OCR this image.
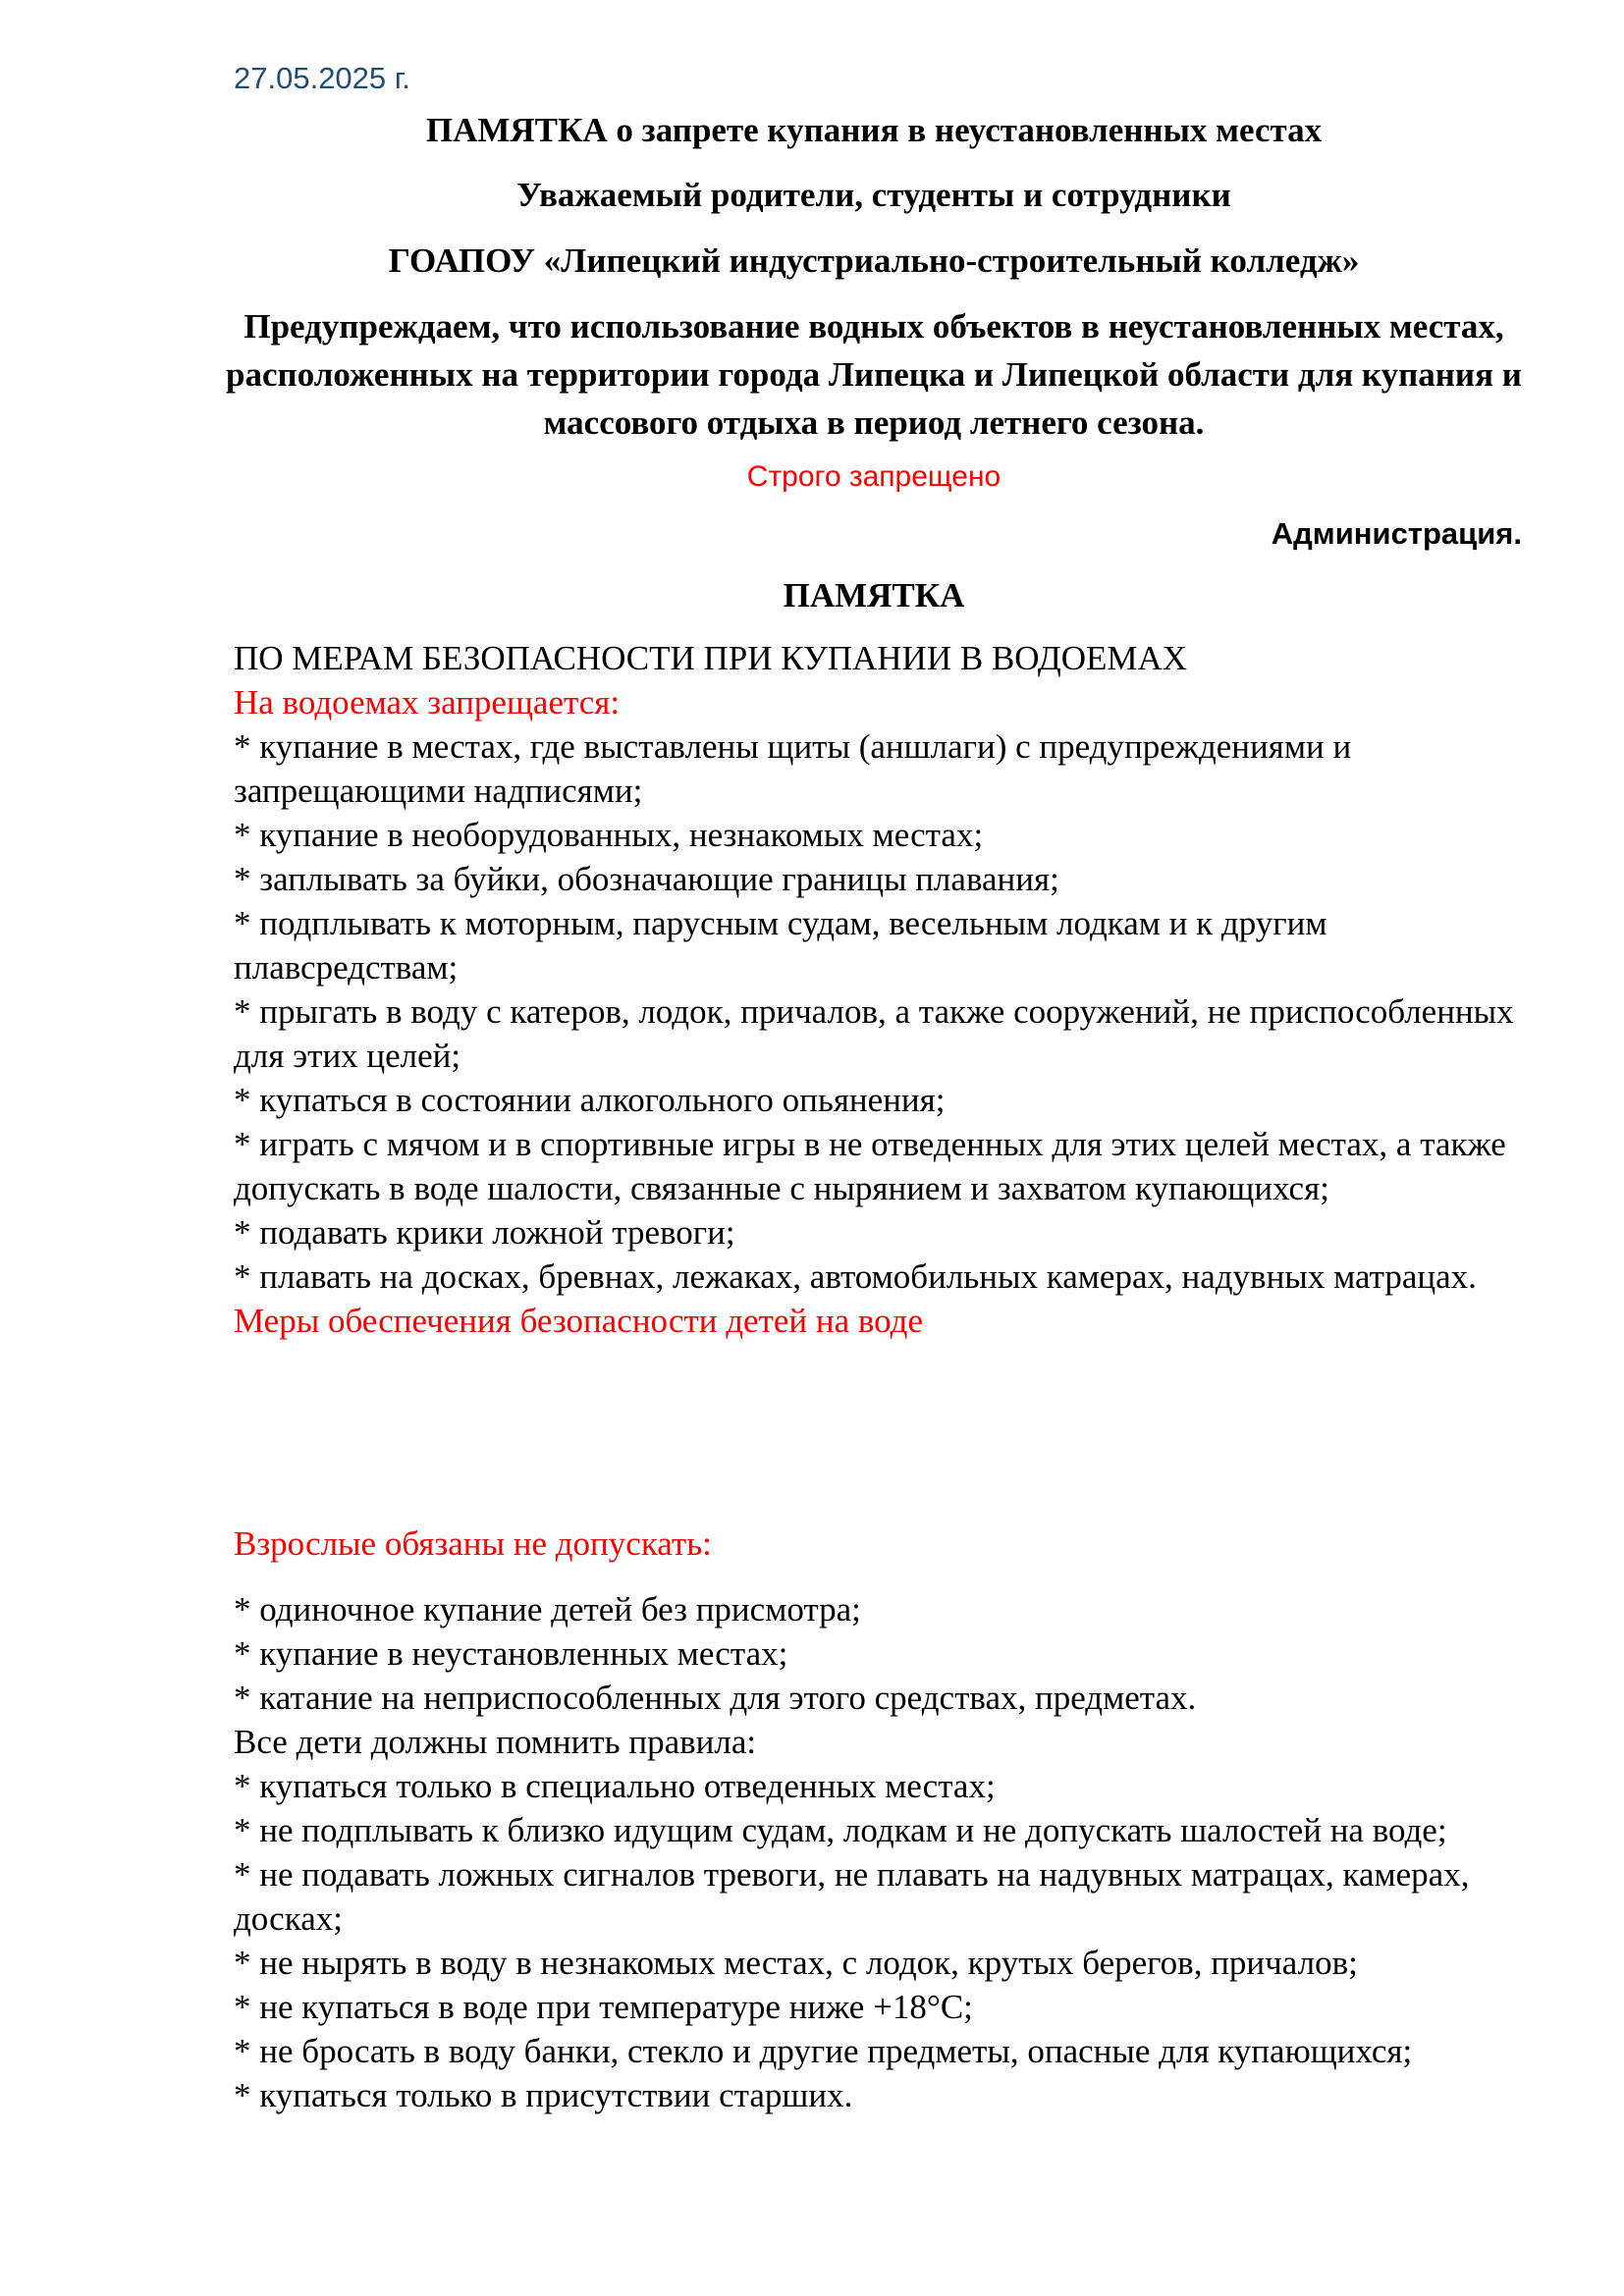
27.05.2025 г.
ПАМЯТКА о запрете купания в неустановленных местах
Уважаемый родители, студенты и сотрудники
ГОАПОУ «Липецкий индустриально-строительный колледж»
Предупреждаем, что использование водных объектов в неустановленных местах, расположенных на территории города Липецка и Липецкой области для купания и массового отдыха в период летнего сезона.
Строго запрещено
Администрация.
ПАМЯТКА

ПО МЕРАМ БЕЗОПАСНОСТИ ПРИ КУПАНИИ В ВОДОЕМАХ

На водоемах запрещается:

* купание в местах, где выставлены щиты (аншлаги) с предупреждениями и запрещающими надписями;

* купание в необорудованных, незнакомых местах;

* заплывать за буйки, обозначающие границы плавания;

* подплывать к моторным, парусным судам, весельным лодкам и к другим плавсредствам;

* прыгать в воду с катеров, лодок, причалов, а также сооружений, не приспособленных для этих целей;

* купаться в состоянии алкогольного опьянения;

* играть с мячом и в спортивные игры в не отведенных для этих целей местах, а также допускать в воде шалости, связанные с нырянием и захватом купающихся;

* подавать крики ложной тревоги;

* плавать на досках, бревнах, лежаках, автомобильных камерах, надувных матрацах.

Меры обеспечения безопасности детей на воде

Взрослые обязаны не допускать:

* одиночное купание детей без присмотра;

* купание в неустановленных местах;

* катание на неприспособленных для этого средствах, предметах.

Все дети должны помнить правила:

* купаться только в специально отведенных местах;

* не подплывать к близко идущим судам, лодкам и не допускать шалостей на воде;

* не подавать ложных сигналов тревоги, не плавать на надувных матрацах, камерах, досках;

* не нырять в воду в незнакомых местах, с лодок, крутых берегов, причалов;

* не купаться в воде при температуре ниже +18°С;

* не бросать в воду банки, стекло и другие предметы, опасные для купающихся;

* купаться только в присутствии старших.
